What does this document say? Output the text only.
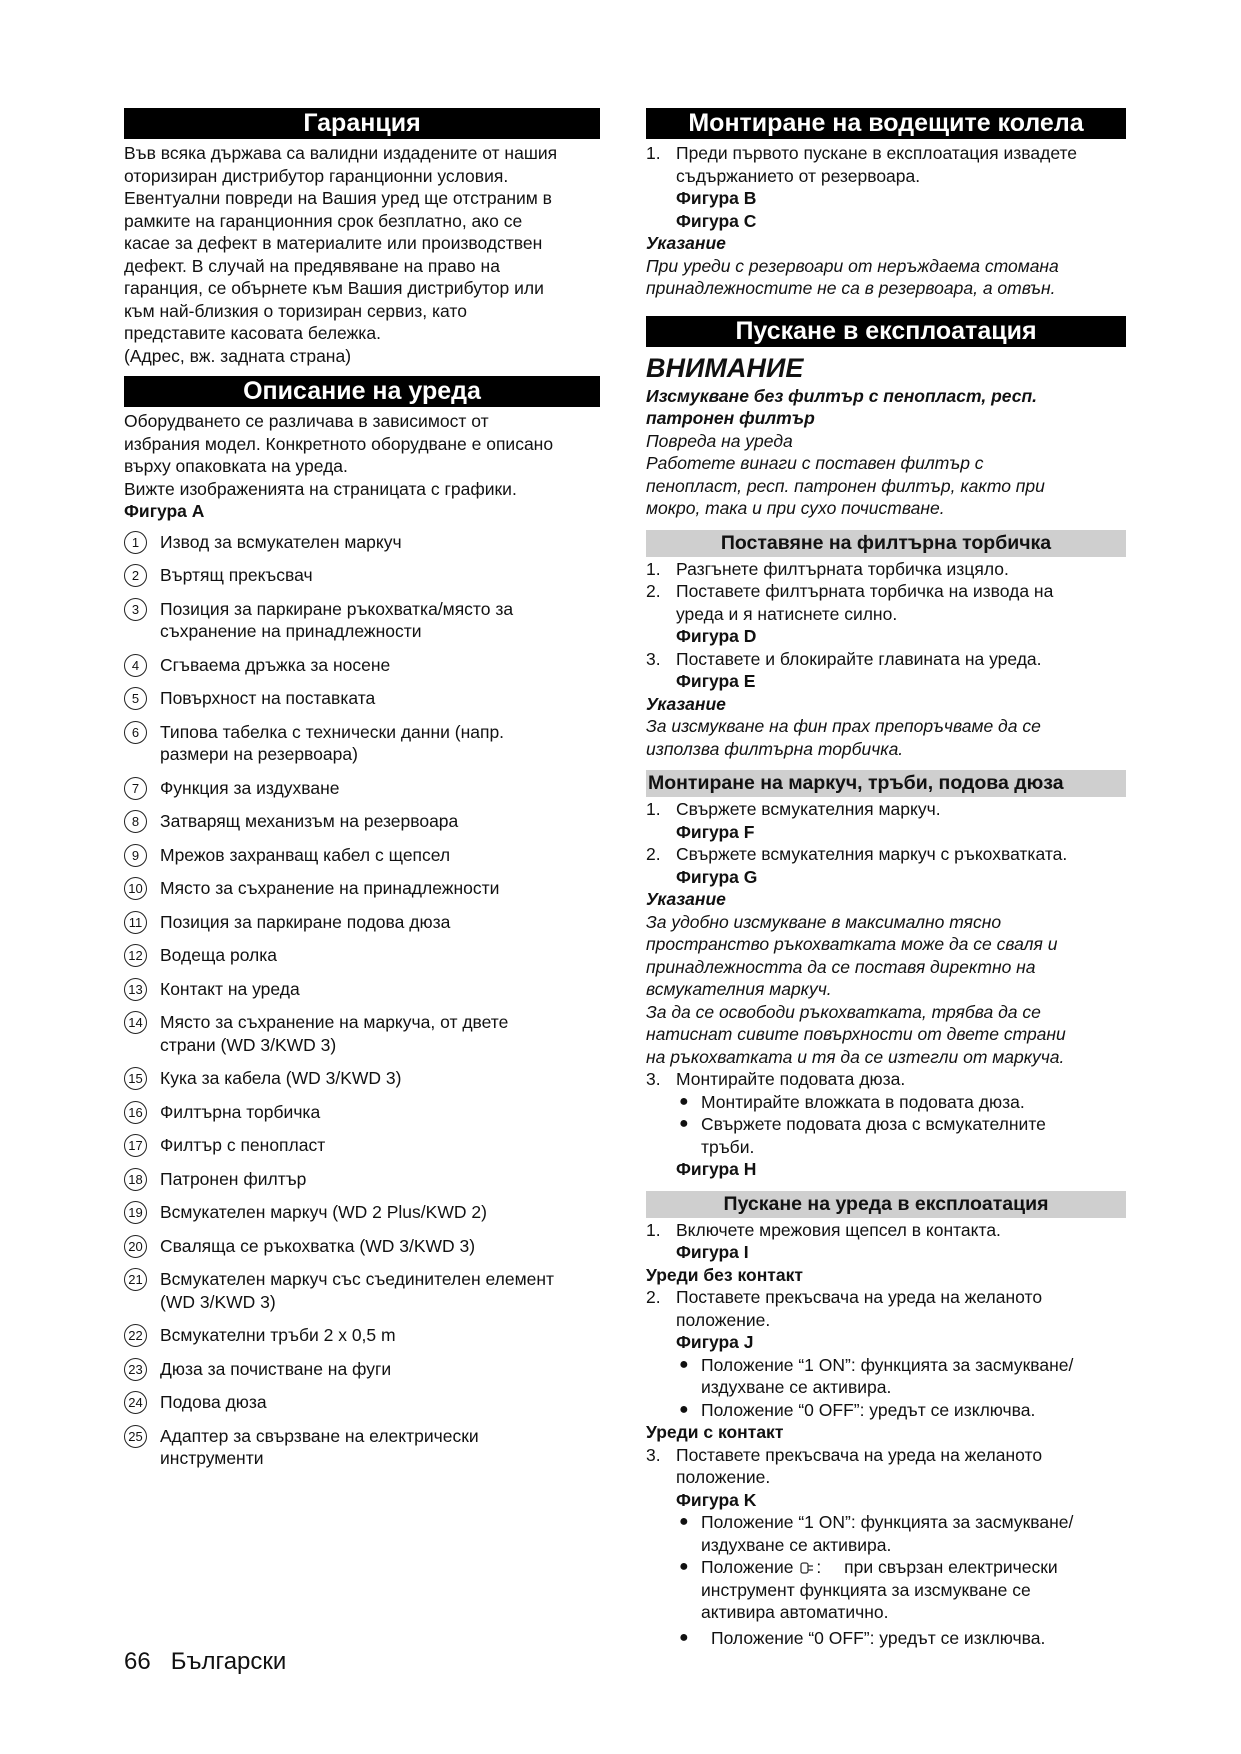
Гаранция

Във всяка държава са валидни издадените от нашия

оторизиран дистрибутор гаранционни условия.

Евентуални повреди на Вашия уред ще отстраним в

рамките на гаранционния срок безплатно, ако се

касае за дефект в материалите или производствен

дефект. В случай на предявяване на право на

гаранция, се обърнете към Вашия дистрибутор или

към най-близкия о торизиран сервиз, като

представите касовата бележка.

(Адрес, вж. задната страна)

Описание на уреда

Оборудването се различава в зависимост от

избрания модел. Конкретното оборудване е описано

върху опаковката на уреда.

Вижте изображенията на страницата с графики.

Фигура A

1	Извод за всмукателен маркуч
2	Въртящ прекъсвач
3	Позиция за паркиране ръкохватка/място за
съхранение на принадлежности
4	Сгъваема дръжка за носене
5	Повърхност на поставката
6	Типова табелка с технически данни (напр.
размери на резервоара)
7	Функция за издухване
8	Затварящ механизъм на резервоара
9	Мрежов захранващ кабел с щепсел
10 Място за съхранение на принадлежности
11 Позиция за паркиране подова дюза
12 Водеща ролка
13 Контакт на уреда
14 Място за съхранение на маркуча, от двете
страни (WD 3/KWD 3)
15 Кука за кабела (WD 3/KWD 3)
16 Филтърна торбичка
17 Филтър с пенопласт
18 Патронен филтър
19 Всмукателен маркуч (WD 2 Plus/KWD 2)
20 Сваляща се ръкохватка (WD 3/KWD 3)
21 Всмукателен маркуч със съединителен елемент
(WD 3/KWD 3)
22 Всмукателни тръби 2 x 0,5 m
23 Дюза за почистване на фуги
24 Подова дюза
25 Адаптер за свързване на електрически
инструменти
Монтиране на водещите колела
1. Преди първото пускане в експлоатация извадете
съдържанието от резервоара.
Фигура B
Фигура C

Указание

При уреди с резервоари от неръждаема стомана

принадлежностите не са в резервоара, а отвън.

Пускане в експлоатация

ВНИМАНИЕ

Изсмукване без филтър с пенопласт, респ.

патронен филтър

Повреда на уреда

Работете винаги с поставен филтър с

пенопласт, респ. патронен филтър, както при

мокро, така и при сухо почистване.

Поставяне на филтърна торбичка
1. Разгънете филтърната торбичка изцяло.
2. Поставете филтърната торбичка на извода на
уреда и я натиснете силно.
Фигура D
3. Поставете и блокирайте главината на уреда.
Фигура E

Указание

За изсмукване на фин прах препоръчваме да се

използва филтърна торбичка.

Монтиране на маркуч, тръби, подова дюза
1. Свържете всмукателния маркуч.
Фигура F
2. Свържете всмукателния маркуч с ръкохватката.
Фигура G

Указание

За удобно изсмукване в максимално тясно

пространство ръкохватката може да се сваля и

принадлежността да се поставя директно на

всмукателния маркуч.

За да се освободи ръкохватката, трябва да се

натиснат сивите повърхности от двете страни

на ръкохватката и тя да се изтегли от маркуча.

3. Монтирайте подовата дюза.
● Монтирайте вложката в подовата дюза.
● Свържете подовата дюза с всмукателните
тръби.
Фигура H
Пускане на уреда в експлоатация
1. Включете мрежовия щепсел в контакта.
Фигура I

Уреди без контакт

2. Поставете прекъсвача на уреда на желаното
положение.
Фигура J
● Положение “1 ON”: функцията за засмукване/
издухване се активира.
● Положение “0 OFF”: уредът се изключва.

Уреди с контакт

3. Поставете прекъсвача на уреда на желаното
положение.
Фигура K
● Положение “1 ON”: функцията за засмукване/
издухване се активира.
● Положение : при свързан електрически
инструмент функцията за изсмукване се
активира автоматично.
●	Положение “0 OFF”: уредът се изключва.
66 Български
